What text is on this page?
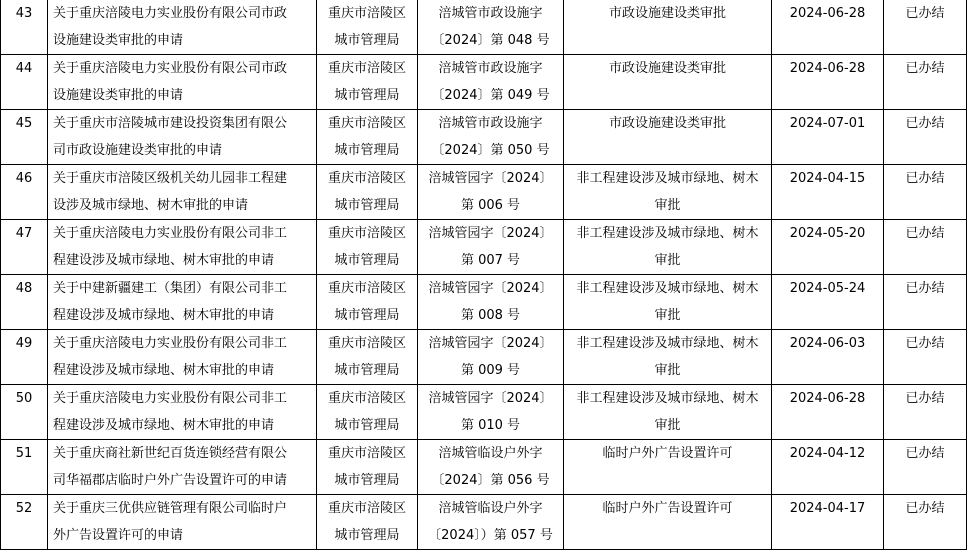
43	关于重庆涪陵电力实业股份有限公司市政
设施建设类审批的申请	重庆市涪陵区
城市管理局	涪城管市政设施字
〔2024〕第 048 号	市政设施建设类审批	2024-06-28	已办结
44	关于重庆涪陵电力实业股份有限公司市政
设施建设类审批的申请	重庆市涪陵区
城市管理局	涪城管市政设施字
〔2024〕第 049 号	市政设施建设类审批	2024-06-28	已办结
45	关于重庆市涪陵城市建设投资集团有限公
司市政设施建设类审批的申请	重庆市涪陵区
城市管理局	涪城管市政设施字
〔2024〕第 050 号	市政设施建设类审批	2024-07-01	已办结
46	关于重庆市涪陵区级机关幼儿园非工程建
设涉及城市绿地、树木审批的申请	重庆市涪陵区
城市管理局	涪城管园字〔2024〕
第 006 号	非工程建设涉及城市绿地、树木
审批	2024-04-15	已办结
47	关于重庆涪陵电力实业股份有限公司非工
程建设涉及城市绿地、树木审批的申请	重庆市涪陵区
城市管理局	涪城管园字〔2024〕
第 007 号	非工程建设涉及城市绿地、树木
审批	2024-05-20	已办结
48	关于中建新疆建工（集团）有限公司非工
程建设涉及城市绿地、树木审批的申请	重庆市涪陵区
城市管理局	涪城管园字〔2024〕
第 008 号	非工程建设涉及城市绿地、树木
审批	2024-05-24	已办结
49	关于重庆涪陵电力实业股份有限公司非工
程建设涉及城市绿地、树木审批的申请	重庆市涪陵区
城市管理局	涪城管园字〔2024〕
第 009 号	非工程建设涉及城市绿地、树木
审批	2024-06-03	已办结
50	关于重庆涪陵电力实业股份有限公司非工
程建设涉及城市绿地、树木审批的申请	重庆市涪陵区
城市管理局	涪城管园字〔2024〕
第 010 号	非工程建设涉及城市绿地、树木
审批	2024-06-28	已办结
51	关于重庆商社新世纪百货连锁经营有限公
司华福郡店临时户外广告设置许可的申请	重庆市涪陵区
城市管理局	涪城管临设户外字
〔2024〕第 056 号	临时户外广告设置许可	2024-04-12	已办结
52	关于重庆三优供应链管理有限公司临时户
外广告设置许可的申请	重庆市涪陵区
城市管理局	涪城管临设户外字
〔2024〕）第 057 号	临时户外广告设置许可	2024-04-17	已办结
